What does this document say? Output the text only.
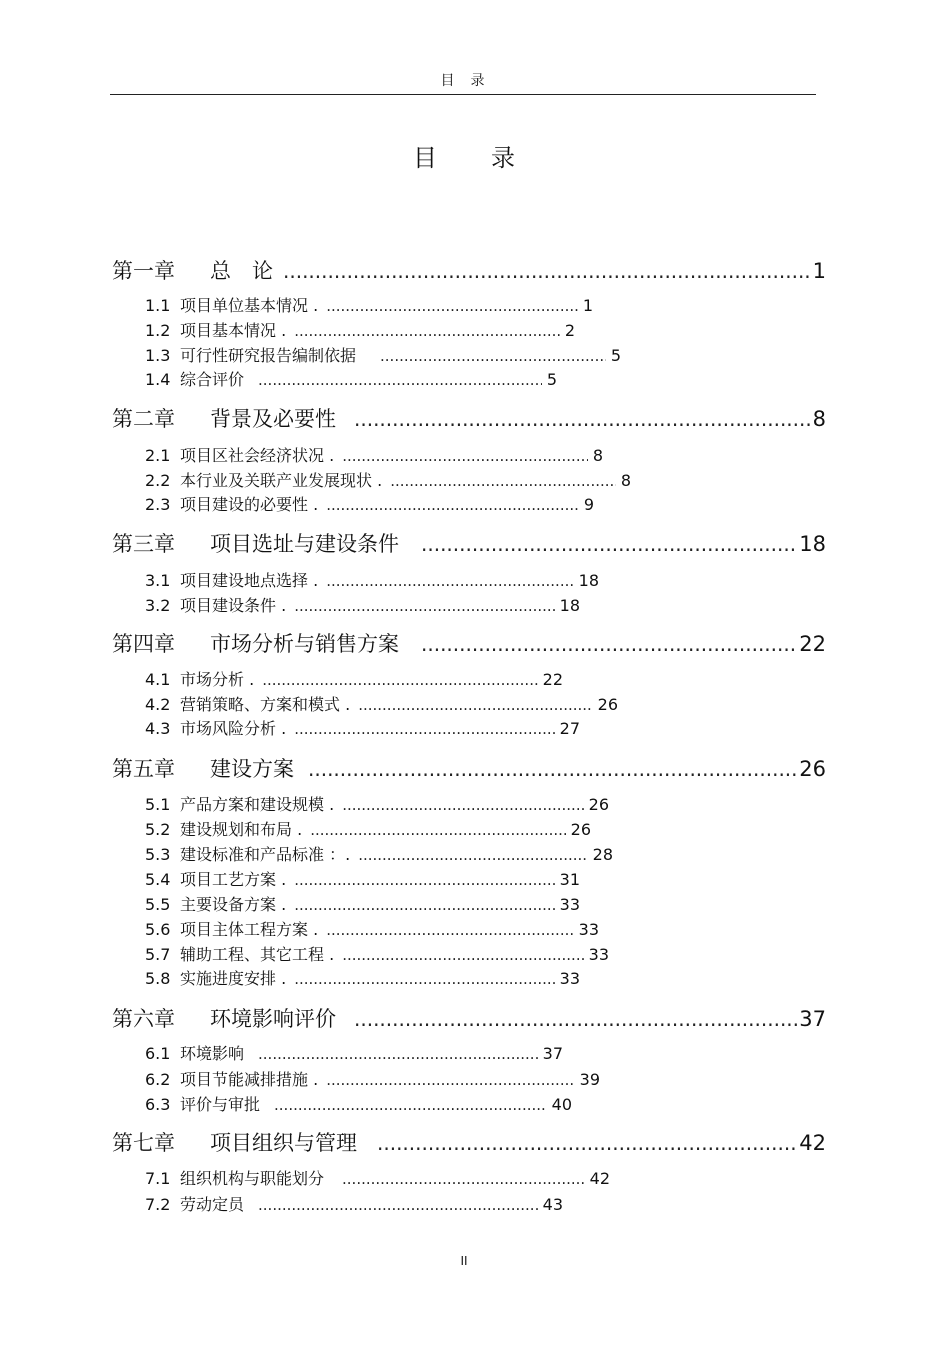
目　录
目　　录
第一章	总　论 .....	1
1.1 项目单位基本情况 . .....	1
1.2 项目基本情况 . .....	2
1.3 可行性研究报告编制依据 .....	5
1.4 综合评价 .....	5
第二章	背景及必要性 .....	8
2.1 项目区社会经济状况 . .....	8
2.2 本行业及关联产业发展现状 . .....	8
2.3 项目建设的必要性 . .....	9
第三章	项目选址与建设条件 .....	18
3.1 项目建设地点选择 . .....	18
3.2 项目建设条件 . .....	18
第四章	市场分析与销售方案 .....	22
4.1 市场分析 . .....	22
4.2 营销策略、方案和模式 . .....	26
4.3 市场风险分析 . .....	27
第五章	建设方案 .....	26
5.1 产品方案和建设规模 . .....	26
5.2 建设规划和布局 . .....	26
5.3 建设标准和产品标准 ：. .....	28
5.4 项目工艺方案 . .....	31
5.5 主要设备方案 . .....	33
5.6 项目主体工程方案 . .....	33
5.7 辅助工程、其它工程 . .....	33
5.8 实施进度安排 . .....	33
第六章	环境影响评价 .....	37
6.1 环境影响 .....	37
6.2 项目节能减排措施 . .....	39
6.3 评价与审批 .....	40
第七章	项目组织与管理 .....	42
7.1 组织机构与职能划分 .....	42
7.2 劳动定员 .....	43
II
